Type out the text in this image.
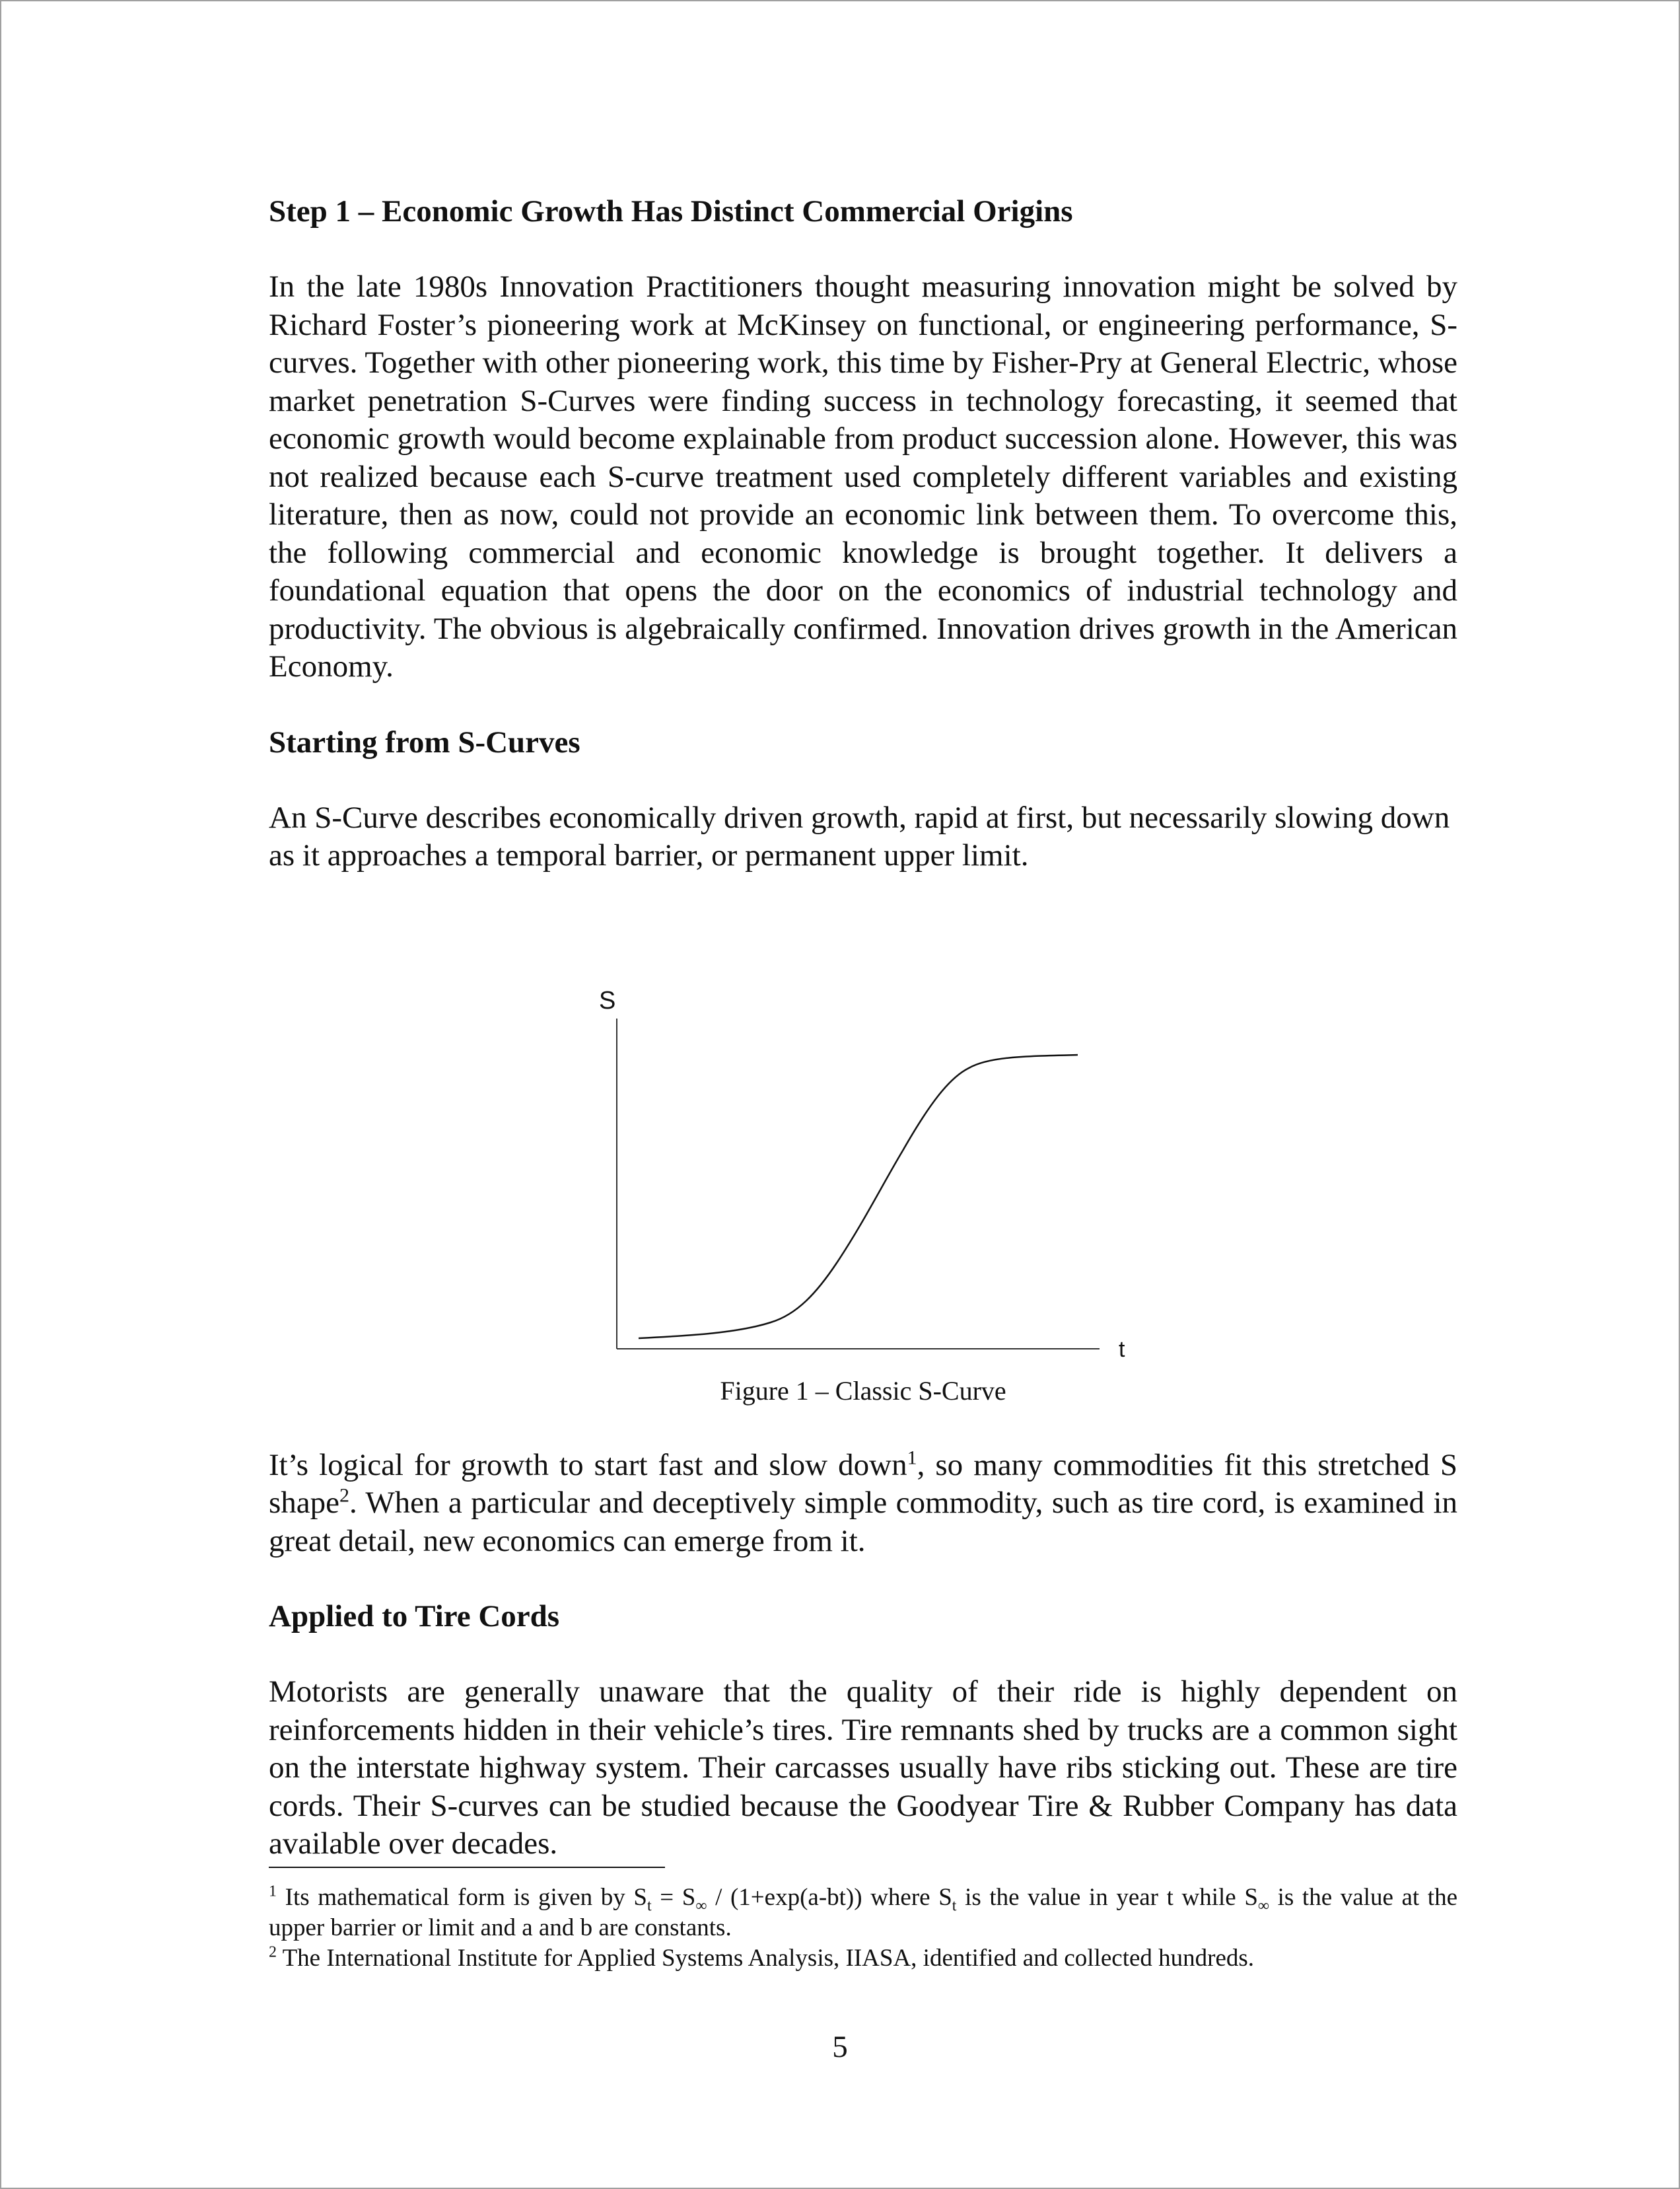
Step 1 – Economic Growth Has Distinct Commercial Origins

In the late 1980s Innovation Practitioners thought measuring innovation might be solved by Richard Foster’s pioneering work at McKinsey on functional, or engineering performance, S-curves. Together with other pioneering work, this time by Fisher-Pry at General Electric, whose market penetration S-Curves were finding success in technology forecasting, it seemed that economic growth would become explainable from product succession alone. However, this was not realized because each S-curve treatment used completely different variables and existing literature, then as now, could not provide an economic link between them. To overcome this, the following commercial and economic knowledge is brought together. It delivers a foundational equation that opens the door on the economics of industrial technology and productivity. The obvious is algebraically confirmed. Innovation drives growth in the American Economy.

Starting from S-Curves

An S-Curve describes economically driven growth, rapid at first, but necessarily slowing down as it approaches a temporal barrier, or permanent upper limit.

S
t
Figure 1 – Classic S-Curve

It’s logical for growth to start fast and slow down$^1$, so many commodities fit this stretched S shape$^2$. When a particular and deceptively simple commodity, such as tire cord, is examined in great detail, new economics can emerge from it.

Applied to Tire Cords

Motorists are generally unaware that the quality of their ride is highly dependent on reinforcements hidden in their vehicle’s tires. Tire remnants shed by trucks are a common sight on the interstate highway system. Their carcasses usually have ribs sticking out. These are tire cords. Their S-curves can be studied because the Goodyear Tire & Rubber Company has data available over decades.

$^1$ Its mathematical form is given by $S_t = S_\infty / (1+\exp(a-bt))$ where $S_t$ is the value in year t while $S_\infty$ is the value at the upper barrier or limit and a and b are constants.
$^2$ The International Institute for Applied Systems Analysis, IIASA, identified and collected hundreds.
5
